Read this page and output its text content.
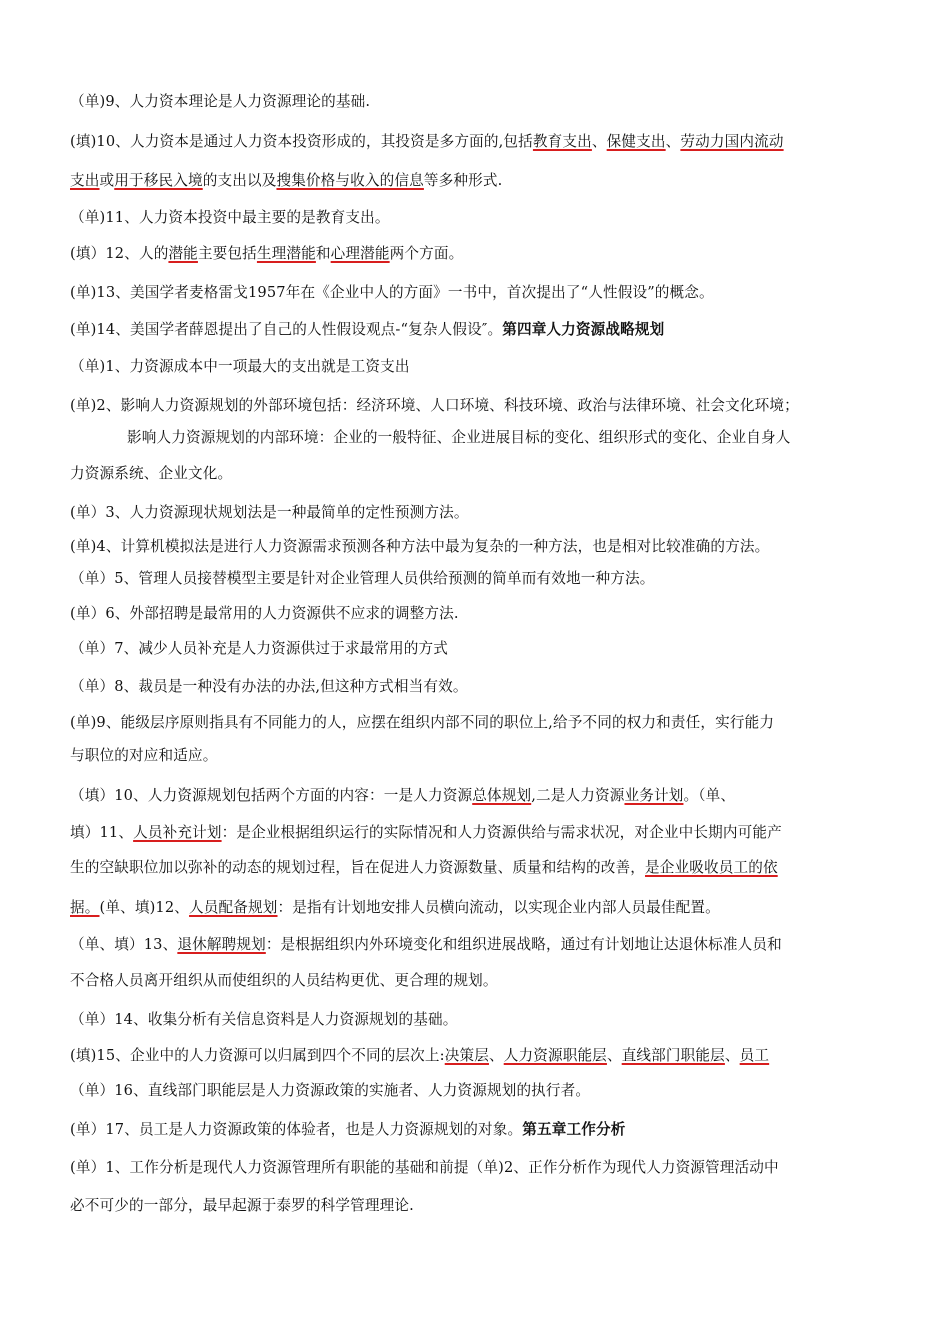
（单)9、人力资本理论是人力资源理论的基础.
(填)10、人力资本是通过人力资本投资形成的，其投资是多方面的,包括教育支出、保健支出、劳动力国内流动
支出或用于移民入境的支出以及搜集价格与收入的信息等多种形式.
（单)11、人力资本投资中最主要的是教育支出。
(填）12、人的潜能主要包括生理潜能和心理潜能两个方面。
(单)13、美国学者麦格雷戈1957年在《企业中人的方面》一书中，首次提出了“人性假设”的概念。
(单)14、美国学者薛恩提出了自己的人性假设观点-“复杂人假设″。第四章人力资源战略规划
（单)1、力资源成本中一项最大的支出就是工资支出
(单)2、影响人力资源规划的外部环境包括：经济环境、人口环境、科技环境、政治与法律环境、社会文化环境；
影响人力资源规划的内部环境：企业的一般特征、企业进展目标的变化、组织形式的变化、企业自身人
力资源系统、企业文化。
(单）3、人力资源现状规划法是一种最简单的定性预测方法。
(单)4、计算机模拟法是进行人力资源需求预测各种方法中最为复杂的一种方法，也是相对比较准确的方法。
（单）5、管理人员接替模型主要是针对企业管理人员供给预测的简单而有效地一种方法。
(单）6、外部招聘是最常用的人力资源供不应求的调整方法.
（单）7、减少人员补充是人力资源供过于求最常用的方式
（单）8、裁员是一种没有办法的办法,但这种方式相当有效。
(单)9、能级层序原则指具有不同能力的人，应摆在组织内部不同的职位上,给予不同的权力和责任，实行能力
与职位的对应和适应。
（填）10、人力资源规划包括两个方面的内容：一是人力资源总体规划,二是人力资源业务计划。（单、
填）11、人员补充计划：是企业根据组织运行的实际情况和人力资源供给与需求状况，对企业中长期内可能产
生的空缺职位加以弥补的动态的规划过程，旨在促进人力资源数量、质量和结构的改善，是企业吸收员工的依
据。(单、填)12、人员配备规划：是指有计划地安排人员横向流动，以实现企业内部人员最佳配置。
（单、填）13、退休解聘规划：是根据组织内外环境变化和组织进展战略，通过有计划地让达退休标准人员和
不合格人员离开组织从而使组织的人员结构更优、更合理的规划。
（单）14、收集分析有关信息资料是人力资源规划的基础。
(填)15、企业中的人力资源可以归属到四个不同的层次上:决策层、人力资源职能层、直线部门职能层、员工
（单）16、直线部门职能层是人力资源政策的实施者、人力资源规划的执行者。
(单）17、员工是人力资源政策的体验者，也是人力资源规划的对象。第五章工作分析
(单）1、工作分析是现代人力资源管理所有职能的基础和前提（单)2、正作分析作为现代人力资源管理活动中
必不可少的一部分，最早起源于泰罗的科学管理理论.
